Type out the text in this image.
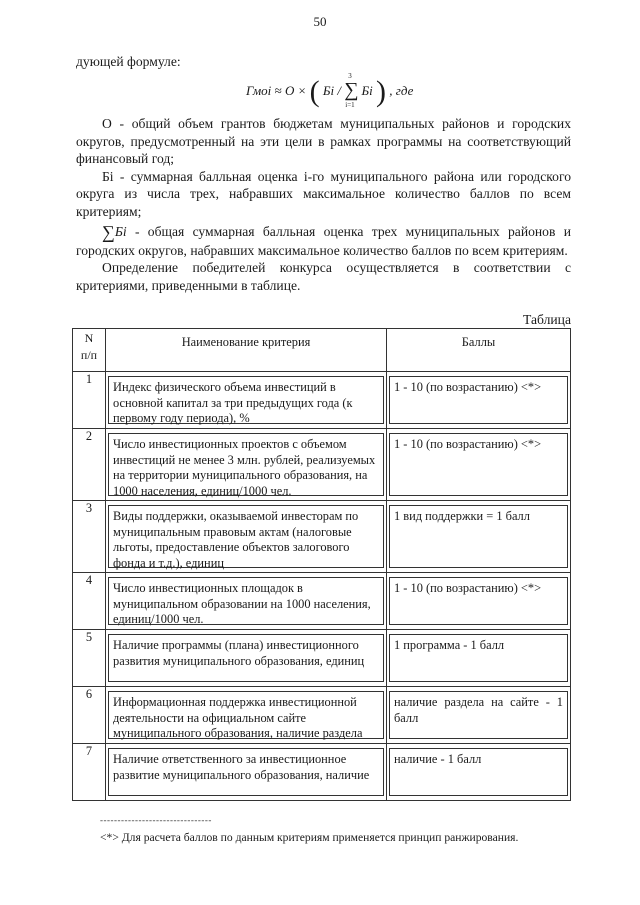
50

дующей формуле:

Гмоі ≈ О × ( Бі /
3
∑
і=1
Бі ) , где

О - общий объем грантов бюджетам муниципальных районов и городских округов, предусмотренный на эти цели в рамках программы на соответствующий финансовый год;

Бі - суммарная балльная оценка і-го муниципального района или городского округа из числа трех, набравших максимальное количество баллов по всем критериям;

∑Бі - общая суммарная балльная оценка трех муниципальных районов и городских округов, набравших максимальное количество баллов по всем критериям.

Определение победителей конкурса осуществляется в соответствии с критериями, приведенными в таблице.

Таблица
N
п/п	Наименование критерия	Баллы
1	Индекс физического объема инвестиций в основной капитал за три предыдущих года (к первому году периода), %	1 - 10 (по возрастанию) <*>

2	Число инвестиционных проектов с объемом инвестиций не менее 3 млн. рублей, реализуемых на территории муниципального образования, на 1000 населения, единиц/1000 чел.	1 - 10 (по возрастанию) <*>

3	Виды поддержки, оказываемой инвесторам по муниципальным правовым актам (налоговые льготы, предоставление объектов залогового фонда и т.д.), единиц	1 вид поддержки = 1 балл

4	Число инвестиционных площадок в муниципальном образовании на 1000 населения, единиц/1000 чел.	1 - 10 (по возрастанию) <*>

5	Наличие программы (плана) инвестиционного развития муниципального образования, единиц	1 программа - 1 балл

6	Информационная поддержка инвестиционной деятельности на официальном сайте муниципального образования, наличие раздела	наличие раздела на сайте - 1 балл

7	Наличие ответственного за инвестиционное развитие муниципального образования, наличие	наличие - 1 балл
--------------------------------
<*> Для расчета баллов по данным критериям применяется принцип ранжирования.
